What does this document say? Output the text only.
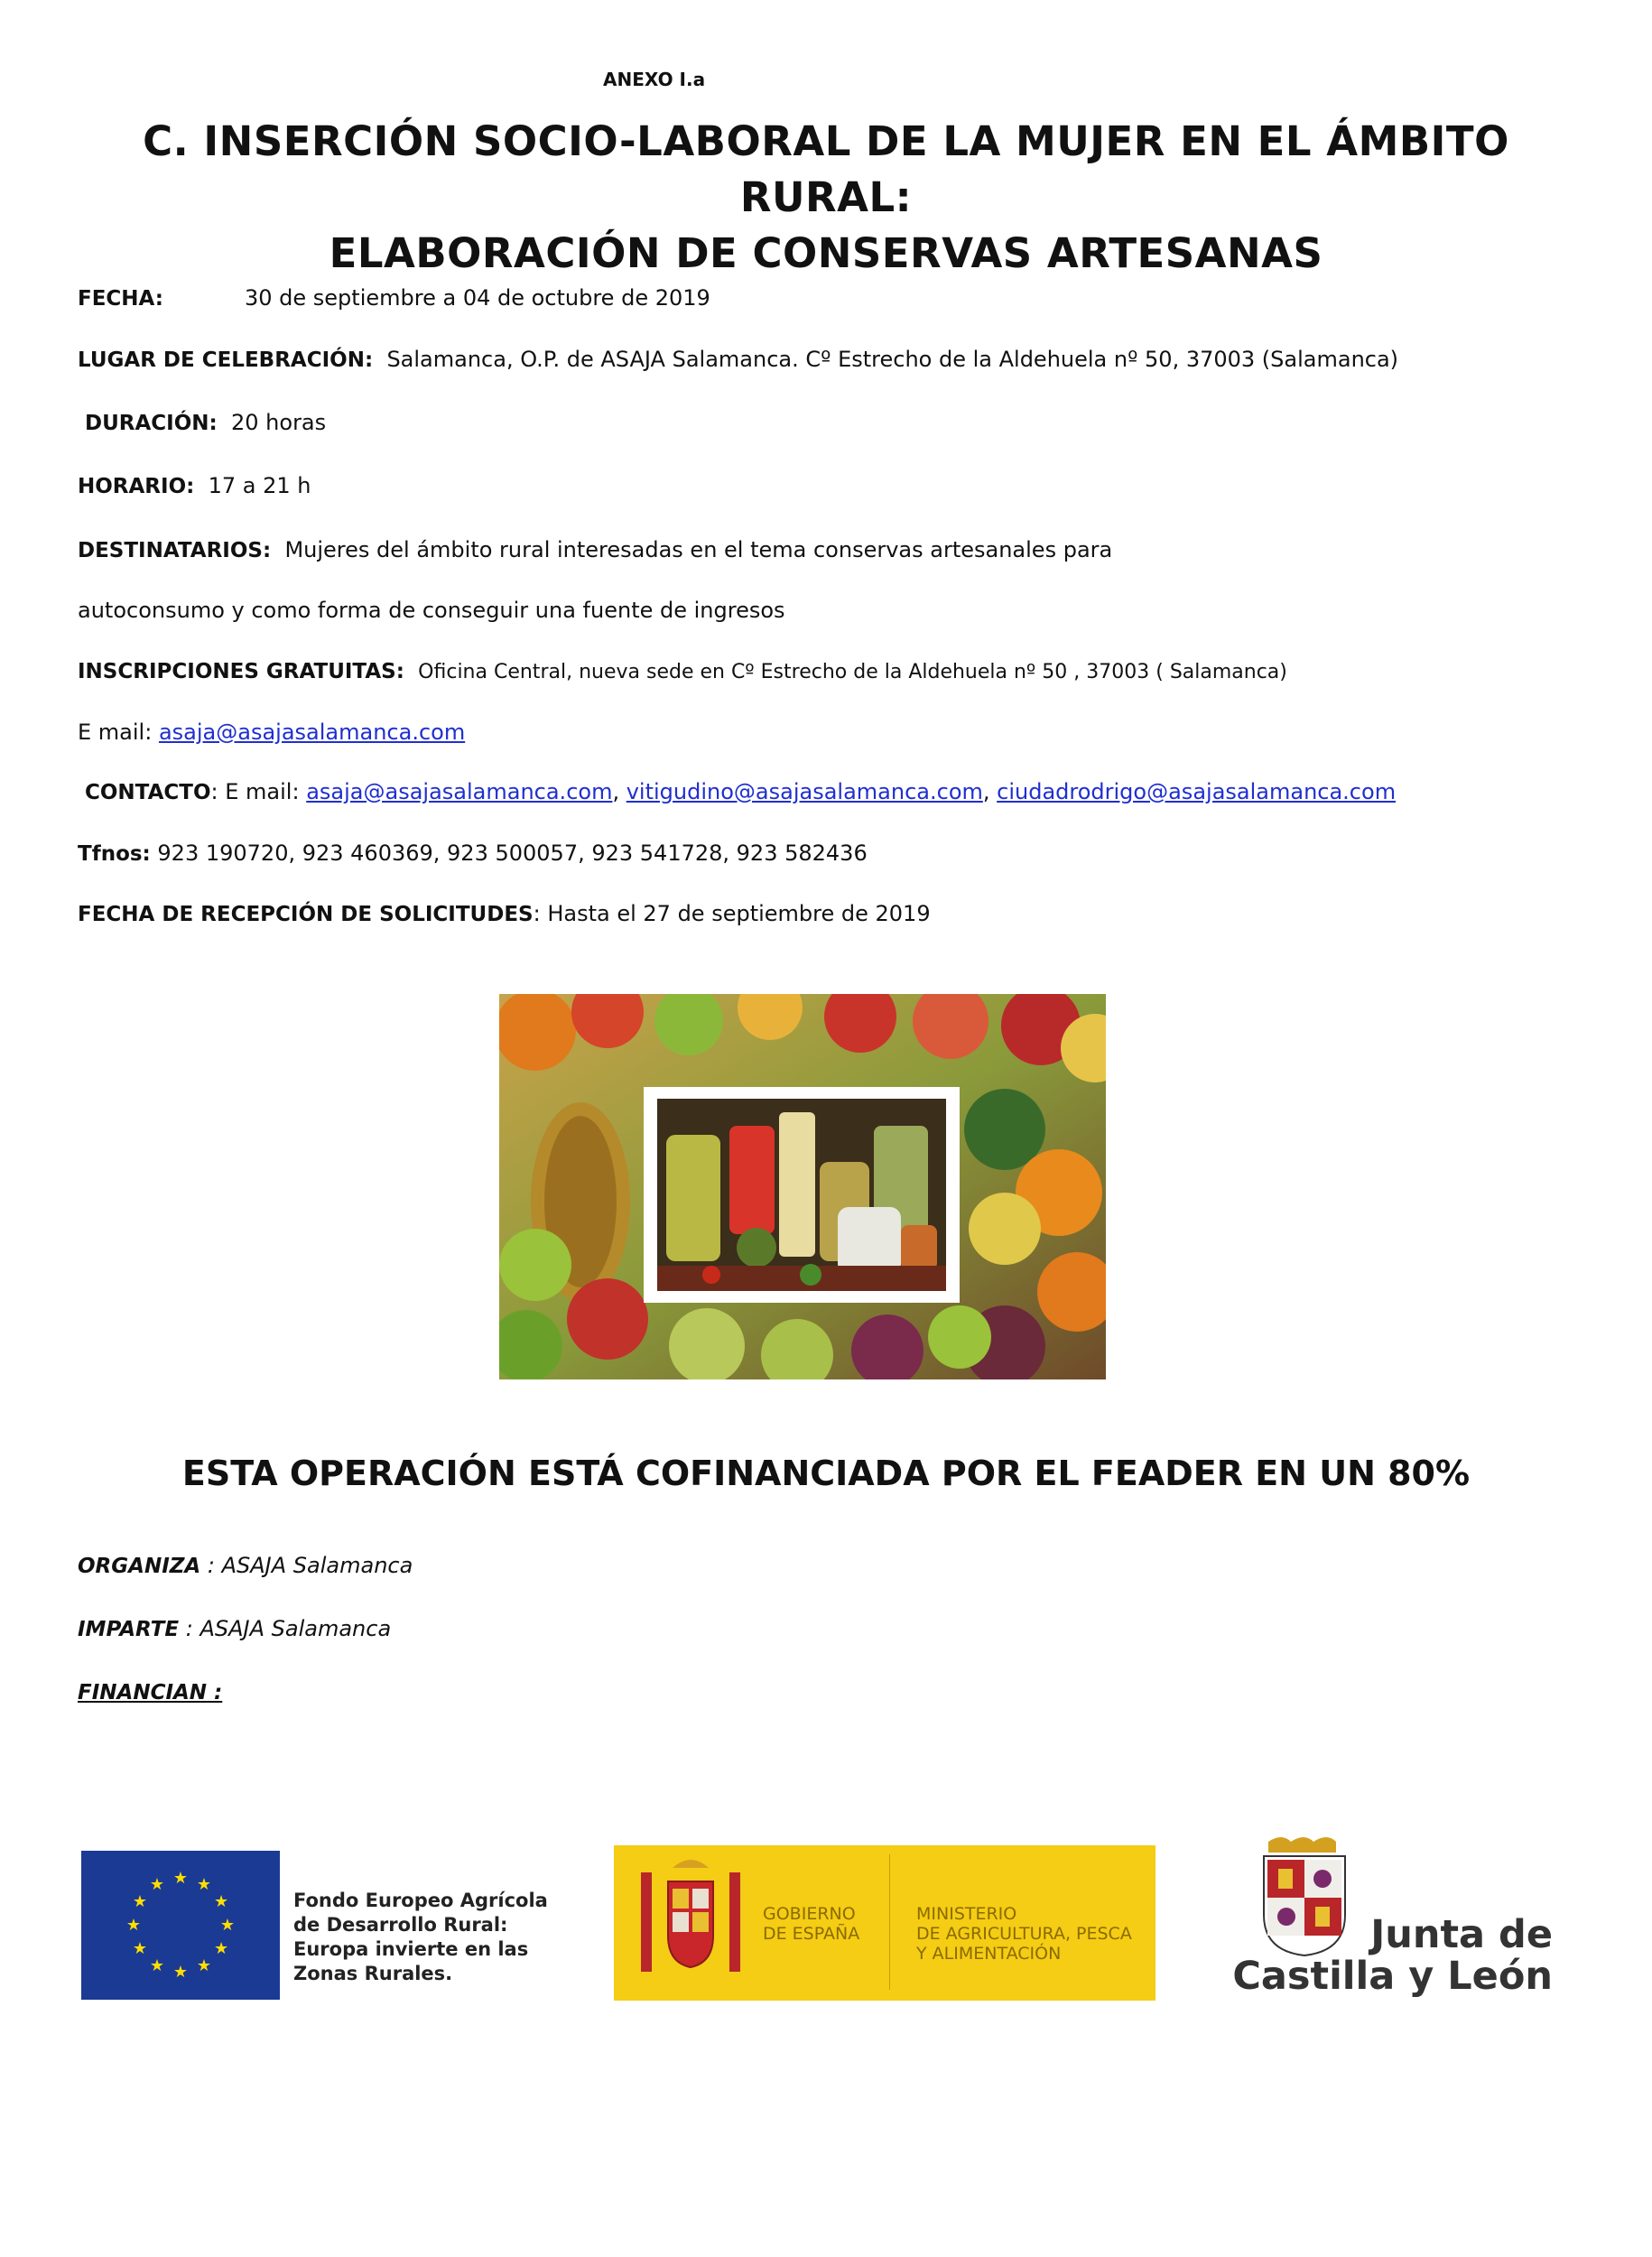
ANEXO I.a
C. INSERCIÓN SOCIO-LABORAL DE LA MUJER EN EL ÁMBITO RURAL:
ELABORACIÓN DE CONSERVAS ARTESANAS
FECHA:	30 de septiembre a 04 de octubre de 2019
LUGAR DE CELEBRACIÓN: Salamanca, O.P. de ASAJA Salamanca. Cº Estrecho de la Aldehuela nº 50, 37003 (Salamanca)
DURACIÓN: 20 horas
HORARIO: 17 a 21 h
DESTINATARIOS: Mujeres del ámbito rural interesadas en el tema conservas artesanales para
autoconsumo y como forma de conseguir una fuente de ingresos
INSCRIPCIONES GRATUITAS: Oficina Central, nueva sede en Cº Estrecho de la Aldehuela nº 50 , 37003 ( Salamanca)
E mail: asaja@asajasalamanca.com
CONTACTO: E mail: asaja@asajasalamanca.com, vitigudino@asajasalamanca.com, ciudadrodrigo@asajasalamanca.com
Tfnos: 923 190720, 923 460369, 923 500057, 923 541728, 923 582436
FECHA DE RECEPCIÓN DE SOLICITUDES: Hasta el 27 de septiembre de 2019
ESTA OPERACIÓN ESTÁ COFINANCIADA POR EL FEADER EN UN 80%
ORGANIZA : ASAJA Salamanca
IMPARTE : ASAJA Salamanca
FINANCIAN :
★ ★
★
★
★
★
★
★
★
★
★
★
Fondo Europeo Agrícola
de Desarrollo Rural:
Europa invierte en las
Zonas Rurales.
GOBIERNO
DE ESPAÑA
MINISTERIO
DE AGRICULTURA, PESCA
Y ALIMENTACIÓN	Junta de
Castilla y León
